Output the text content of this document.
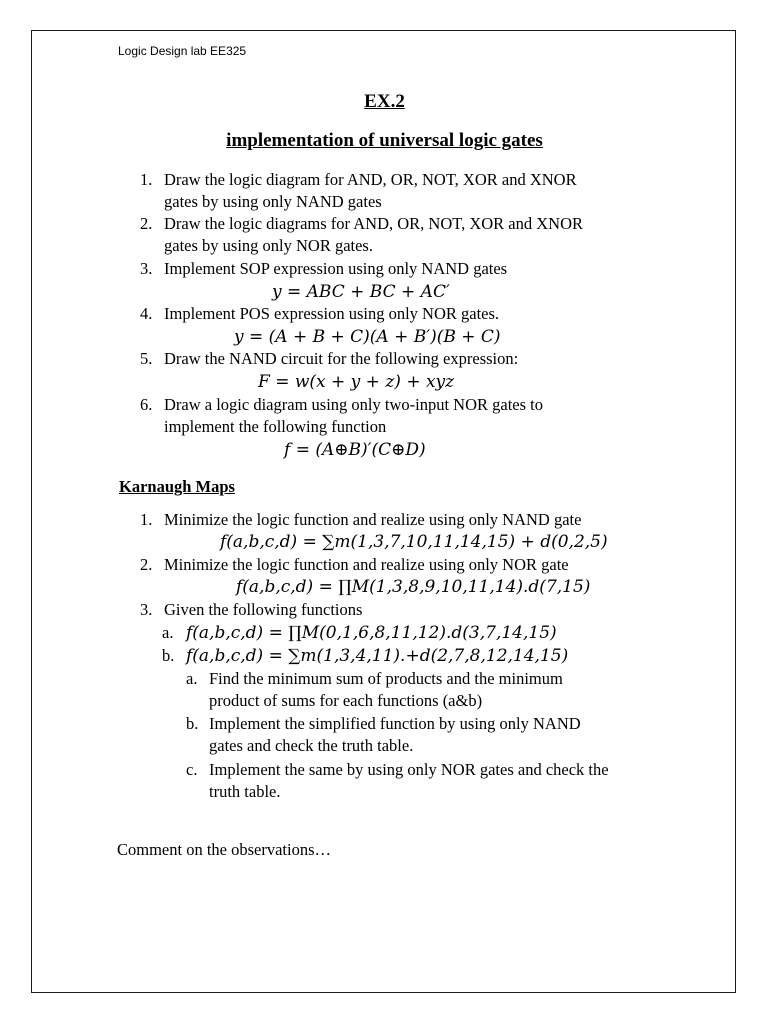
Logic Design lab EE325
EX.2
implementation of universal logic gates
1. Draw the logic diagram for AND, OR, NOT, XOR and XNOR
gates by using only NAND gates
2. Draw the logic diagrams for AND, OR, NOT, XOR and XNOR
gates by using only NOR gates.
3. Implement SOP expression using only NAND gates
y = ABC + BC + AC′
4. Implement POS expression using only NOR gates.
y = (A + B + C)(A + B′)(B + C)
5. Draw the NAND circuit for the following expression:
F = w(x + y + z) + xyz
6. Draw a logic diagram using only two-input NOR gates to
implement the following function
f = (A⊕B)′(C⊕D)
Karnaugh Maps
1. Minimize the logic function and realize using only NAND gate
f(a,b,c,d) = ∑m(1,3,7,10,11,14,15) + d(0,2,5)
2. Minimize the logic function and realize using only NOR gate
f(a,b,c,d) = ∏M(1,3,8,9,10,11,14).d(7,15)
3. Given the following functions
a. f(a,b,c,d) = ∏M(0,1,6,8,11,12).d(3,7,14,15)
b. f(a,b,c,d) = ∑m(1,3,4,11).+d(2,7,8,12,14,15)
a. Find the minimum sum of products and the minimum
product of sums for each functions (a&b)
b. Implement the simplified function by using only NAND
gates and check the truth table.
c. Implement the same by using only NOR gates and check the
truth table.
Comment on the observations…
